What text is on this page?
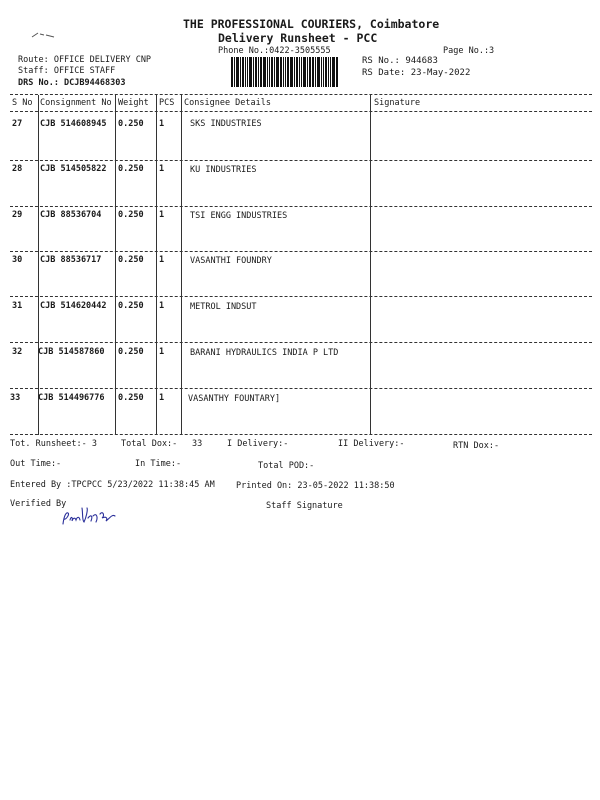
THE PROFESSIONAL COURIERS, Coimbatore
Delivery Runsheet - PCC
Phone No.:0422-3505555	Page No.:3
Route: OFFICE DELIVERY CNP
Staff: OFFICE STAFF
DRS No.: DCJB94468303
RS No.: 944683
RS Date: 23-May-2022
S No Consignment No Weight PCS Consignee Details	Signature
27 CJB 514608945 0.250 1	SKS INDUSTRIES
28 CJB 514505822 0.250 1	KU INDUSTRIES
29 CJB 88536704 0.250 1	TSI ENGG INDUSTRIES
30 CJB 88536717 0.250 1	VASANTHI FOUNDRY
31 CJB 514620442 0.250 1	METROL INDSUT
32 CJB 514587860 0.250 1	BARANI HYDRAULICS INDIA P LTD
33 CJB 514496776 0.250 1	VASANTHY FOUNTARY]
Tot. Runsheet:- 3	Total Dox:- 33	I Delivery:-	II Delivery:-	RTN Dox:-
Out Time:-	In Time:-	Total POD:-
Entered By :TPCPCC 5/23/2022 11:38:45 AM	Printed On: 23-05-2022 11:38:50
Verified By	Staff Signature
